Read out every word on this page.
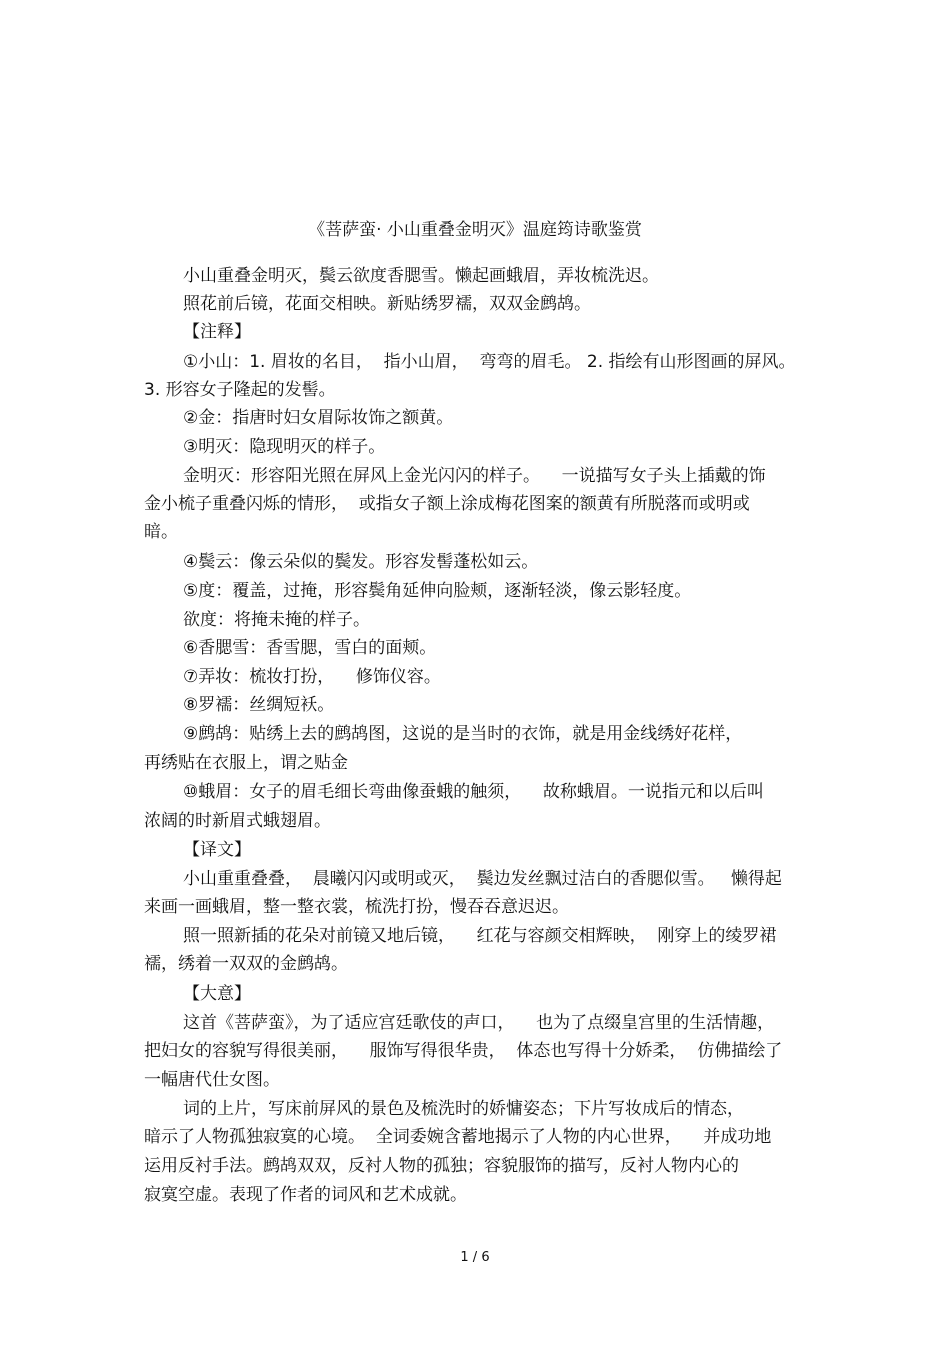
《菩萨蛮· 小山重叠金明灭》温庭筠诗歌鉴赏
小山重叠金明灭，鬓云欲度香腮雪。懒起画蛾眉，弄妆梳洗迟。
照花前后镜，花面交相映。新贴绣罗襦，双双金鹧鸪。
【注释】
①小山：1. 眉妆的名目，  指小山眉，  弯弯的眉毛。 2. 指绘有山形图画的屏风。
3. 形容女子隆起的发髻。
②金：指唐时妇女眉际妆饰之额黄。
③明灭：隐现明灭的样子。
金明灭：形容阳光照在屏风上金光闪闪的样子。    一说描写女子头上插戴的饰
金小梳子重叠闪烁的情形，  或指女子额上涂成梅花图案的额黄有所脱落而或明或
暗。
④鬓云：像云朵似的鬓发。形容发髻蓬松如云。
⑤度：覆盖，过掩，形容鬓角延伸向脸颊，逐渐轻淡，像云影轻度。
欲度：将掩未掩的样子。
⑥香腮雪：香雪腮，雪白的面颊。
⑦弄妆：梳妆打扮，    修饰仪容。
⑧罗襦：丝绸短袄。
⑨鹧鸪：贴绣上去的鹧鸪图，这说的是当时的衣饰，就是用金线绣好花样，
再绣贴在衣服上，谓之贴金
⑩蛾眉：女子的眉毛细长弯曲像蚕蛾的触须，    故称蛾眉。一说指元和以后叫
浓阔的时新眉式蛾翅眉。
【译文】
小山重重叠叠，  晨曦闪闪或明或灭，  鬓边发丝飘过洁白的香腮似雪。   懒得起
来画一画蛾眉，整一整衣裳，梳洗打扮，慢吞吞意迟迟。
照一照新插的花朵对前镜又地后镜，    红花与容颜交相辉映，  刚穿上的绫罗裙
襦，绣着一双双的金鹧鸪。
【大意】
这首《菩萨蛮》，为了适应宫廷歌伎的声口，    也为了点缀皇宫里的生活情趣，
把妇女的容貌写得很美丽，    服饰写得很华贵，  体态也写得十分娇柔，  仿佛描绘了
一幅唐代仕女图。
词的上片，写床前屏风的景色及梳洗时的娇慵姿态；下片写妆成后的情态，
暗示了人物孤独寂寞的心境。  全词委婉含蓄地揭示了人物的内心世界，    并成功地
运用反衬手法。鹧鸪双双，反衬人物的孤独；容貌服饰的描写，反衬人物内心的
寂寞空虚。表现了作者的词风和艺术成就。
1 / 6
